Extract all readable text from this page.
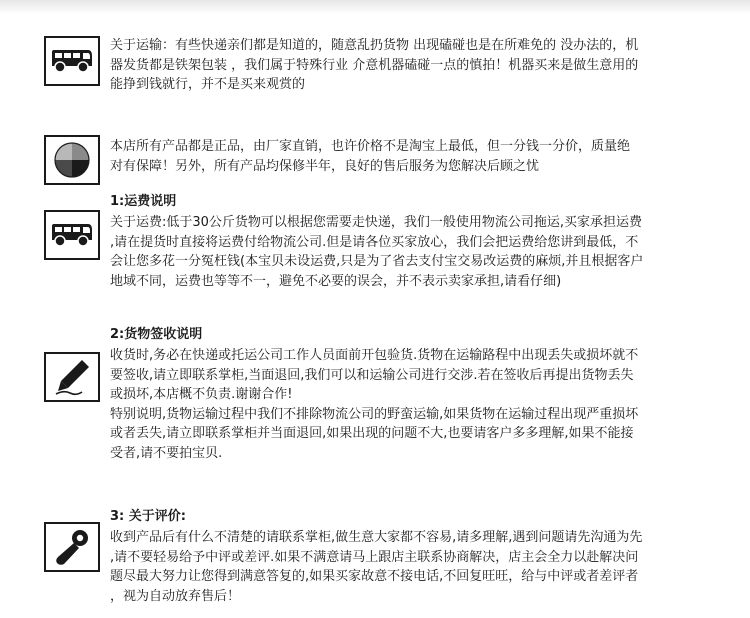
关于运输：有些快递亲们都是知道的，随意乱扔货物 出现磕碰也是在所难免的 没办法的，机
器发货都是铁架包装 ，我们属于特殊行业 介意机器磕碰一点的慎拍！机器买来是做生意用的
能挣到钱就行，并不是买来观赏的
本店所有产品都是正品，由厂家直销，也许价格不是淘宝上最低，但一分钱一分价，质量绝
对有保障！另外，所有产品均保修半年，良好的售后服务为您解决后顾之忧
1:运费说明
关于运费:低于30公斤货物可以根据您需要走快递，我们一般使用物流公司拖运,买家承担运费
,请在提货时直接将运费付给物流公司.但是请各位买家放心，我们会把运费给您讲到最低，不
会让您多花一分冤枉钱(本宝贝未设运费,只是为了省去支付宝交易改运费的麻烦,并且根据客户
地域不同，运费也等等不一，避免不必要的误会，并不表示卖家承担,请看仔细)
2:货物签收说明
收货时,务必在快递或托运公司工作人员面前开包验货.货物在运输路程中出现丢失或损坏就不
要签收,请立即联系掌柜,当面退回,我们可以和运输公司进行交涉.若在签收后再提出货物丢失
或损坏,本店概不负责.谢谢合作!
特别说明,货物运输过程中我们不排除物流公司的野蛮运输,如果货物在运输过程出现严重损坏
或者丢失,请立即联系掌柜并当面退回,如果出现的问题不大,也要请客户多多理解,如果不能接
受者,请不要拍宝贝.
3: 关于评价:
收到产品后有什么不清楚的请联系掌柜,做生意大家都不容易,请多理解,遇到问题请先沟通为先
,请不要轻易给予中评或差评.如果不满意请马上跟店主联系协商解决，店主会全力以赴解决问
题尽最大努力让您得到满意答复的,如果买家故意不接电话,不回复旺旺，给与中评或者差评者
，视为自动放弃售后！
